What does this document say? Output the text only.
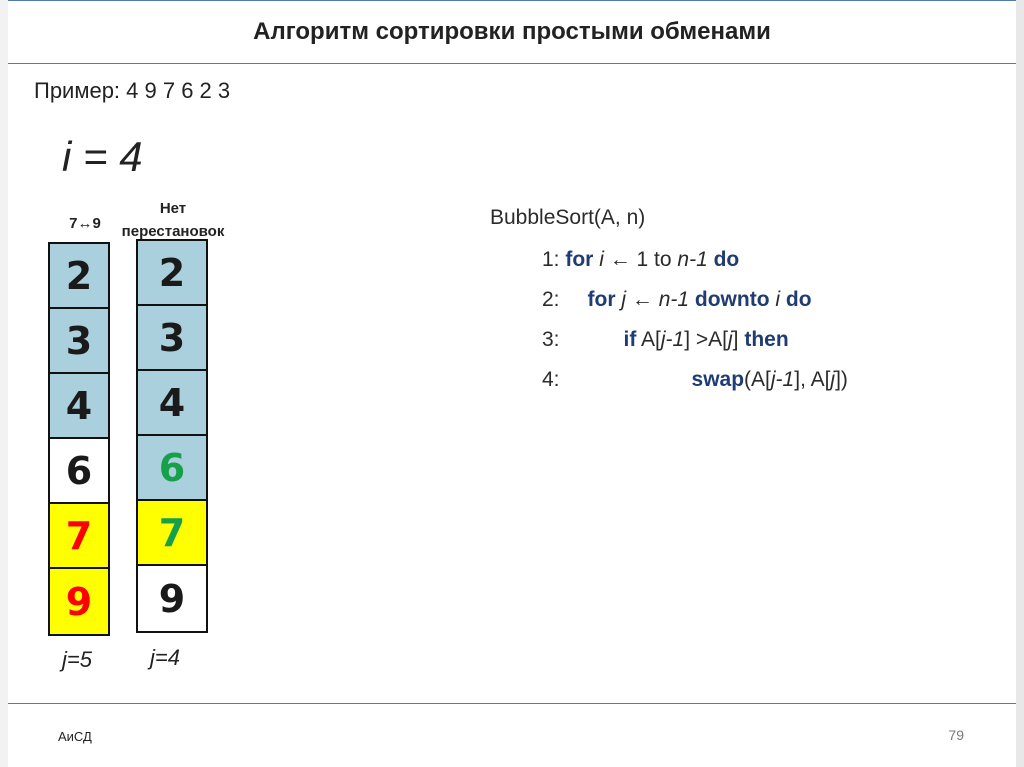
Алгоритм сортировки простыми обменами
Пример: 4 9 7 6 2 3
i = 4
7↔9
2
3
4
6
7
9
j=5
Нет перестановок
2
3
4
6
7
9
j=4
BubbleSort(A, n)
1: for i ← 1 to n-1 do
2: for j ← n-1 downto i do
3:	if A[j-1] >A[j] then
4:	swap(A[j-1], A[j])
АиСД	79
